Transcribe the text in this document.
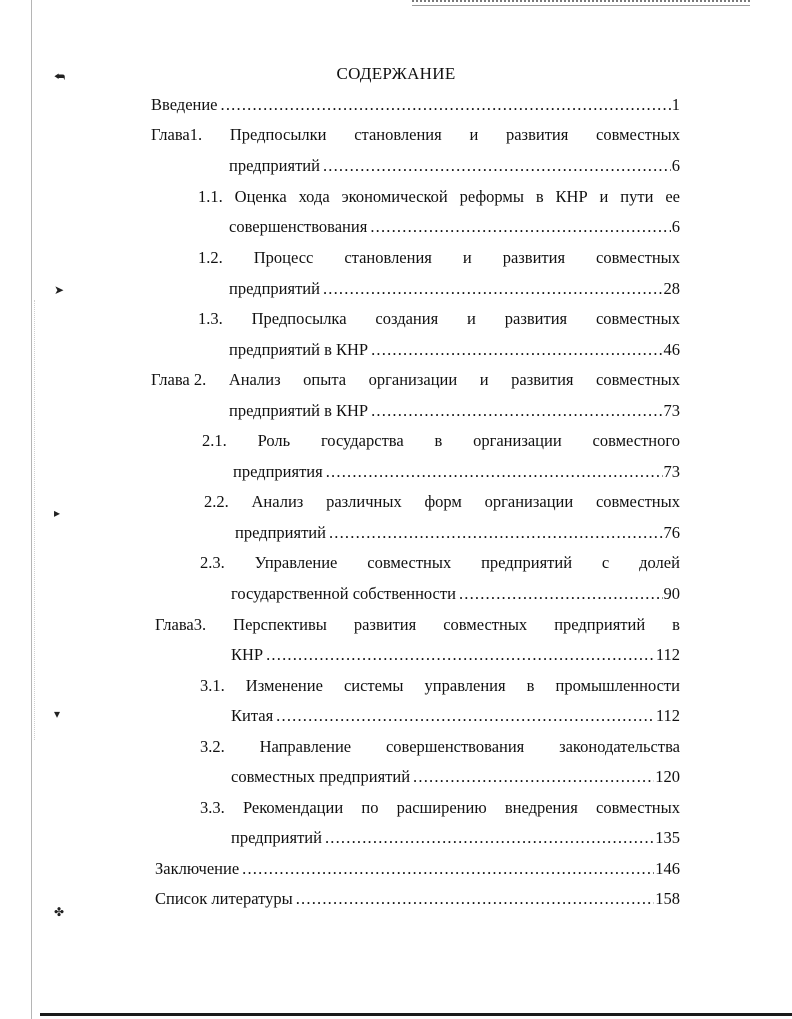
⮪
➤
▸
▾
✤
СОДЕРЖАНИЕ
Введение .....	1
Глава1. Предпосылки становления и развития совместных
предприятий .....	6
1.1. Оценка хода экономической реформы в КНР и пути ее
совершенствования .....	6
1.2. Процесс становления и развития совместных
предприятий .....	28
1.3. Предпосылка создания и развития совместных
предприятий в КНР .....	46
Глава 2. Анализ опыта организации и развития совместных
предприятий в КНР .....	73
2.1. Роль государства в организации совместного
предприятия .....	73
2.2. Анализ различных форм организации совместных
предприятий .....	76
2.3. Управление совместных предприятий с долей
государственной собственности .....	90
Глава3. Перспективы развития совместных предприятий в
КНР .....	112
3.1. Изменение системы управления в промышленности
Китая .....	112
3.2. Направление совершенствования законодательства
совместных предприятий .....	120
3.3. Рекомендации по расширению внедрения совместных
предприятий .....	135
Заключение .....	146
Список литературы .....	158
